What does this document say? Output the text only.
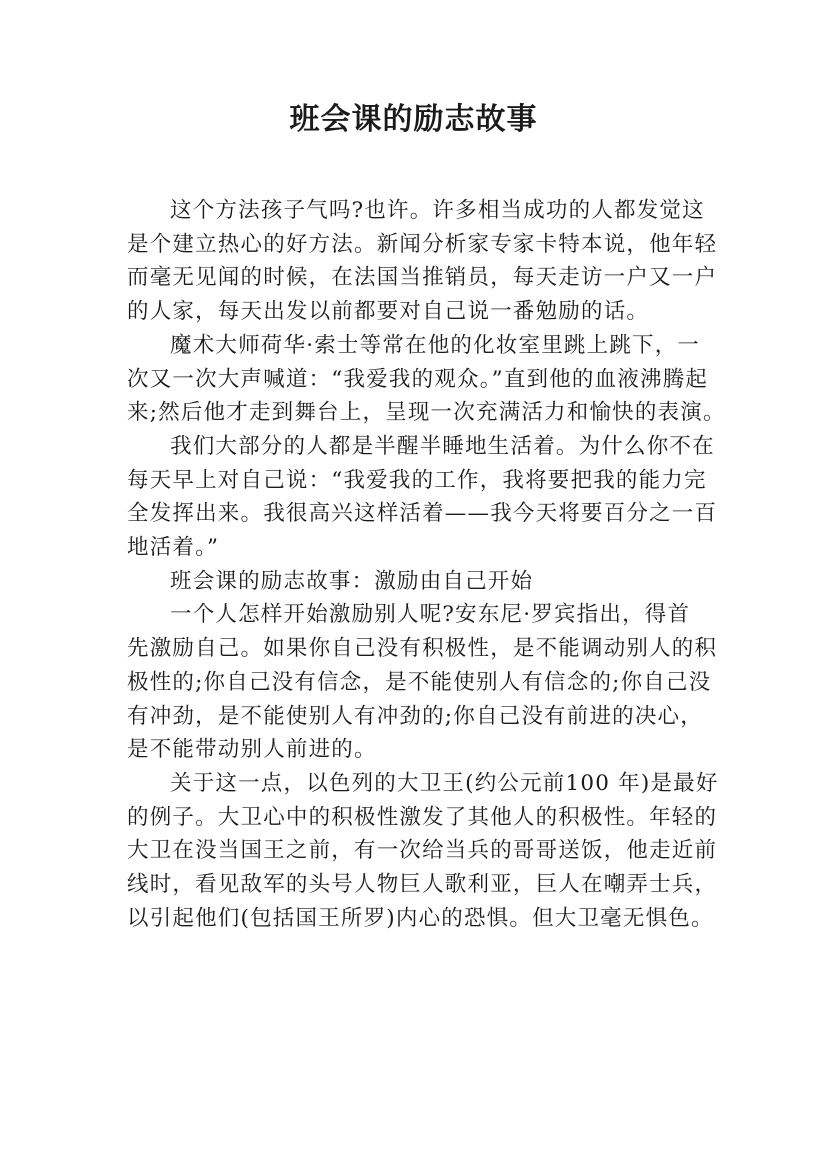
班会课的励志故事
这个方法孩子气吗?也许。许多相当成功的人都发觉这
是个建立热心的好方法。新闻分析家专家卡特本说，他年轻
而毫无见闻的时候，在法国当推销员，每天走访一户又一户
的人家，每天出发以前都要对自己说一番勉励的话。
魔术大师荷华·索士等常在他的化妆室里跳上跳下，一
次又一次大声喊道：“我爱我的观众。”直到他的血液沸腾起
来;然后他才走到舞台上，呈现一次充满活力和愉快的表演。
我们大部分的人都是半醒半睡地生活着。为什么你不在
每天早上对自己说：“我爱我的工作，我将要把我的能力完
全发挥出来。我很高兴这样活着——我今天将要百分之一百
地活着。”
班会课的励志故事：激励由自己开始
一个人怎样开始激励别人呢?安东尼·罗宾指出，得首
先激励自己。如果你自己没有积极性，是不能调动别人的积
极性的;你自己没有信念，是不能使别人有信念的;你自己没
有冲劲，是不能使别人有冲劲的;你自己没有前进的决心，
是不能带动别人前进的。
关于这一点，以色列的大卫王(约公元前100 年)是最好
的例子。大卫心中的积极性激发了其他人的积极性。年轻的
大卫在没当国王之前，有一次给当兵的哥哥送饭，他走近前
线时，看见敌军的头号人物巨人歌利亚，巨人在嘲弄士兵，
以引起他们(包括国王所罗)内心的恐惧。但大卫毫无惧色。
